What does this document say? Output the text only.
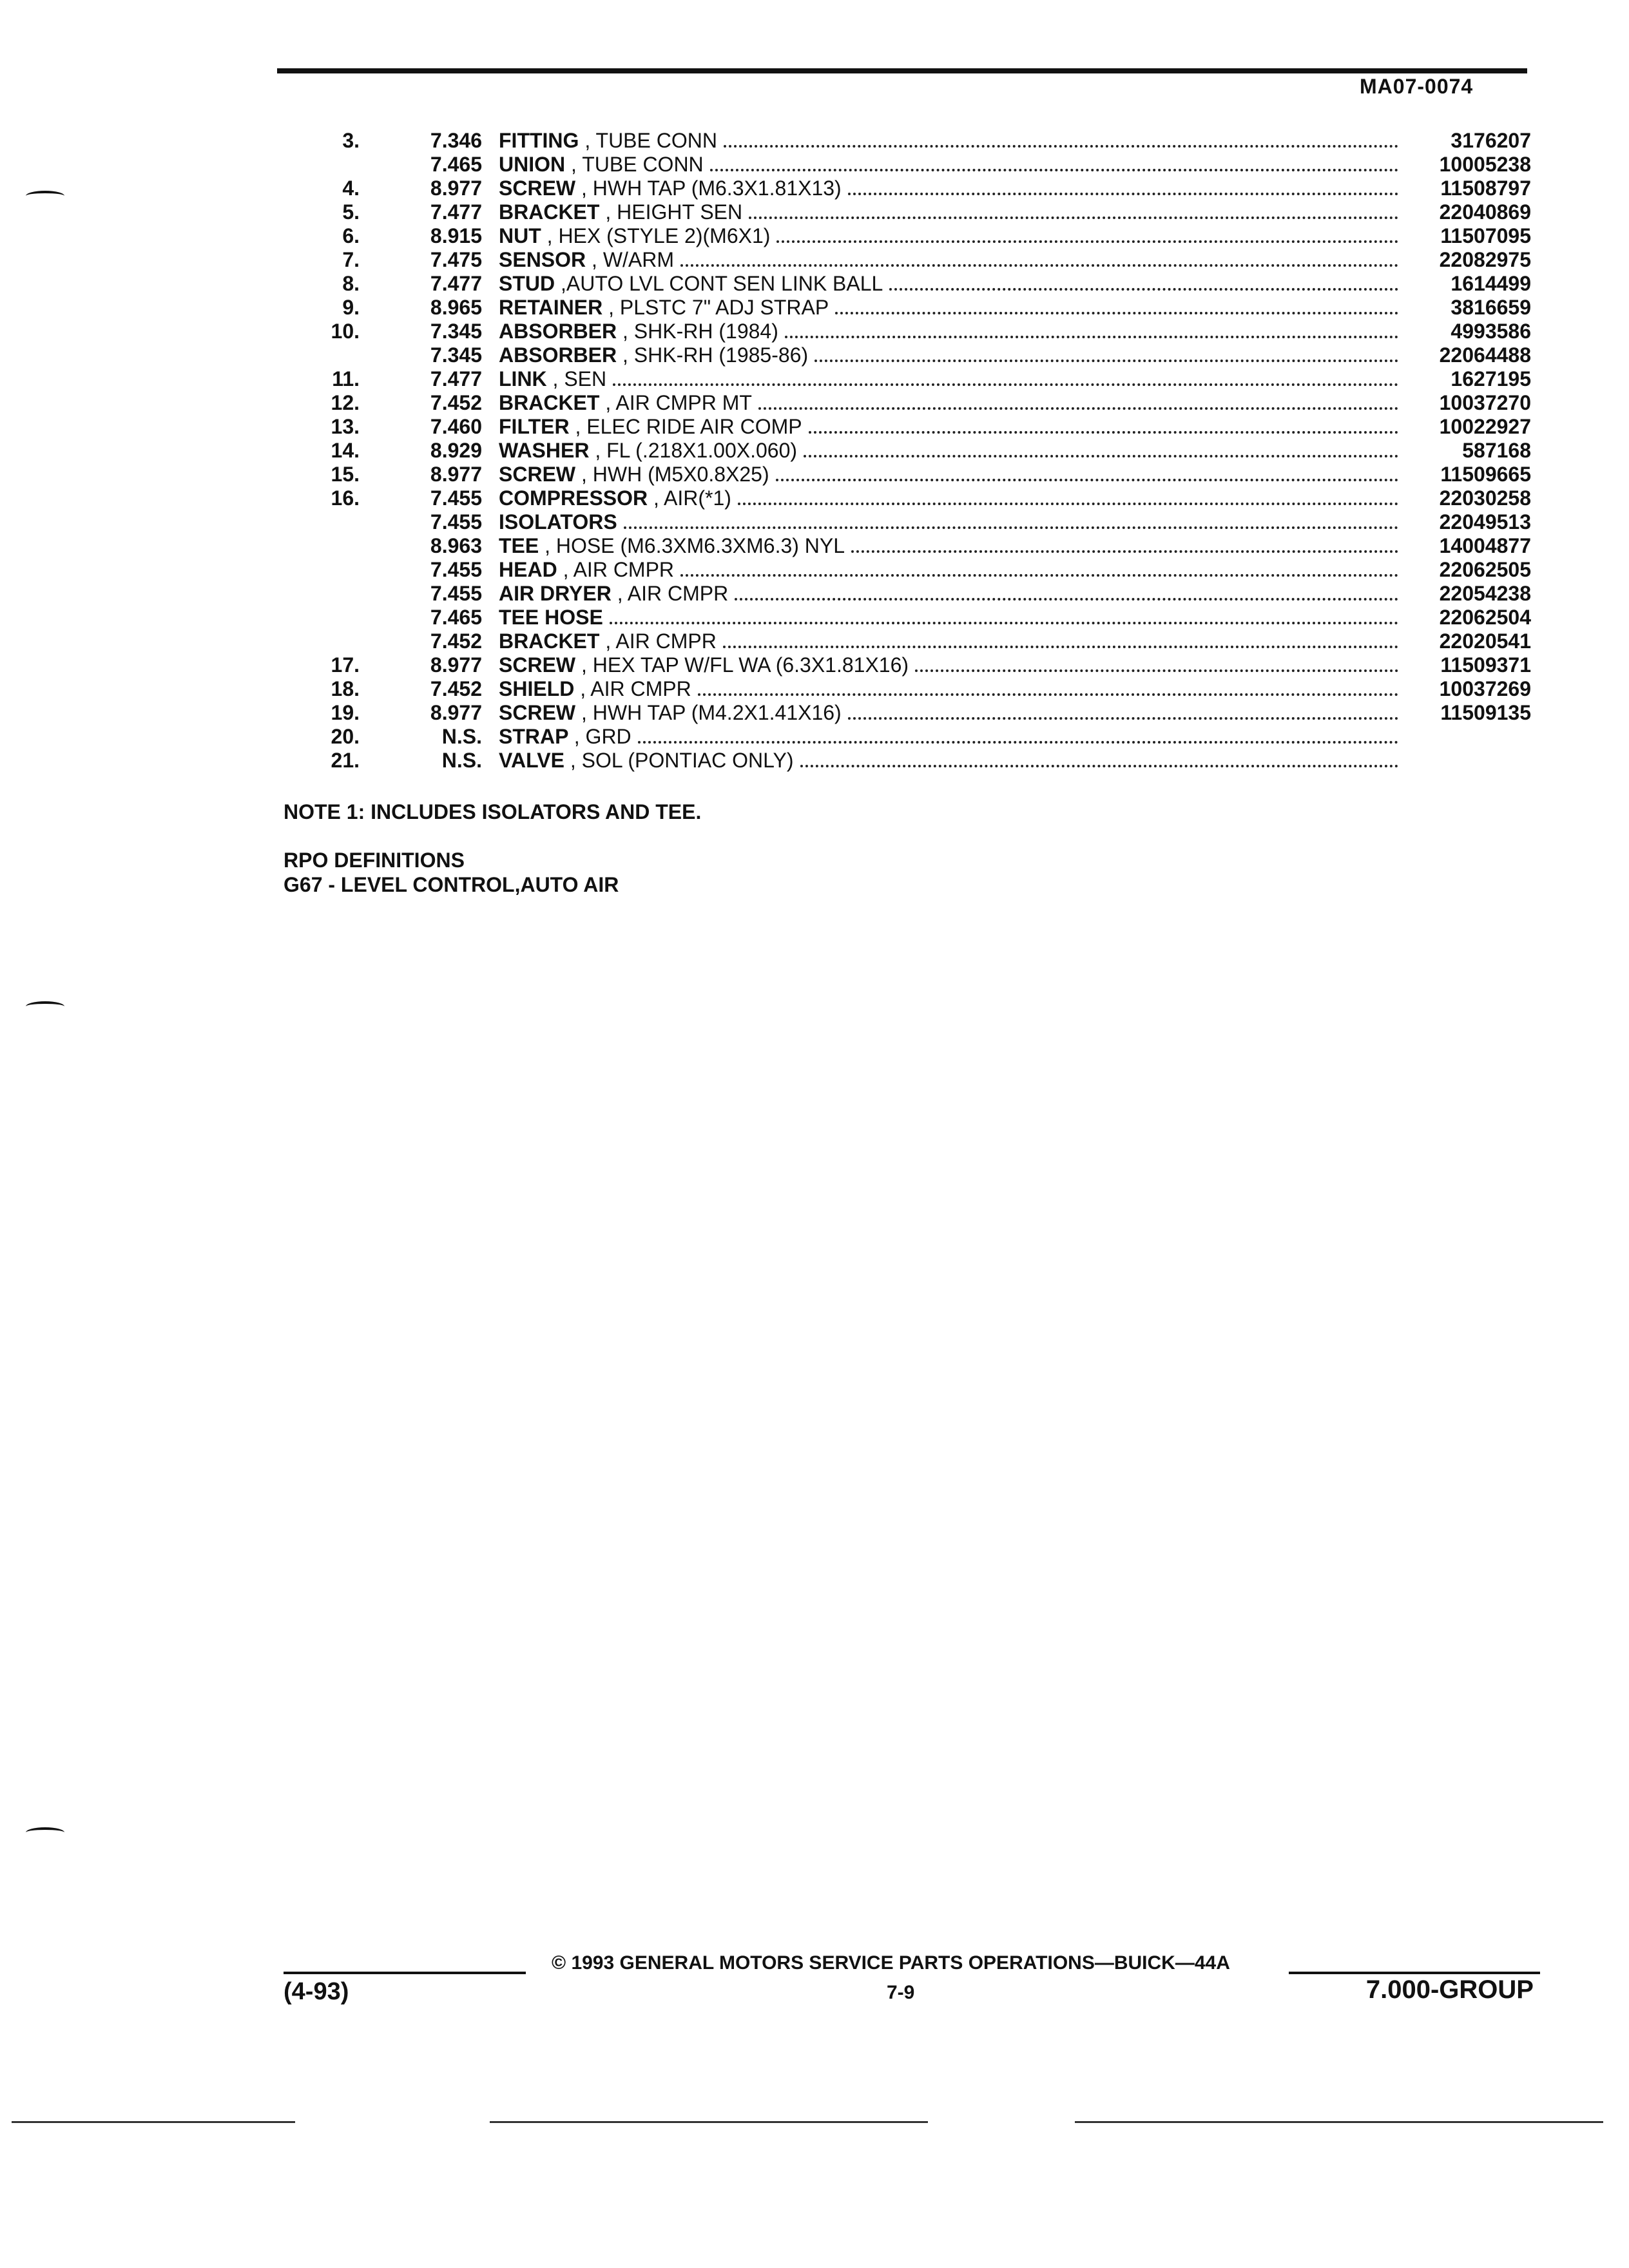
MA07-0074
3.	7.346 FITTING , TUBE CONN	3176207
7.465 UNION , TUBE CONN	10005238
4.	8.977 SCREW , HWH TAP (M6.3X1.81X13)	11508797
5.	7.477 BRACKET , HEIGHT SEN	22040869
6.	8.915 NUT , HEX (STYLE 2)(M6X1)	11507095
7.	7.475 SENSOR , W/ARM	22082975
8.	7.477 STUD ,AUTO LVL CONT SEN LINK BALL	1614499
9.	8.965 RETAINER , PLSTC 7" ADJ STRAP	3816659
10.	7.345 ABSORBER , SHK-RH (1984)	4993586
7.345 ABSORBER , SHK-RH (1985-86)	22064488
11.	7.477 LINK , SEN	1627195
12.	7.452 BRACKET , AIR CMPR MT	10037270
13.	7.460 FILTER , ELEC RIDE AIR COMP	10022927
14.	8.929 WASHER , FL (.218X1.00X.060)	587168
15.	8.977 SCREW , HWH (M5X0.8X25)	11509665
16.	7.455 COMPRESSOR , AIR(*1)	22030258
7.455 ISOLATORS	22049513
8.963 TEE , HOSE (M6.3XM6.3XM6.3) NYL	14004877
7.455 HEAD , AIR CMPR	22062505
7.455 AIR DRYER , AIR CMPR	22054238
7.465 TEE HOSE	22062504
7.452 BRACKET , AIR CMPR	22020541
17.	8.977 SCREW , HEX TAP W/FL WA (6.3X1.81X16)	11509371
18.	7.452 SHIELD , AIR CMPR	10037269
19.	8.977 SCREW , HWH TAP (M4.2X1.41X16)	11509135
20.	N.S. STRAP , GRD
21.	N.S. VALVE , SOL (PONTIAC ONLY)
NOTE 1: INCLUDES ISOLATORS AND TEE.
RPO DEFINITIONS
G67 - LEVEL CONTROL,AUTO AIR
© 1993 GENERAL MOTORS SERVICE PARTS OPERATIONS—BUICK—44A
(4-93)	7-9	7.000-GROUP
